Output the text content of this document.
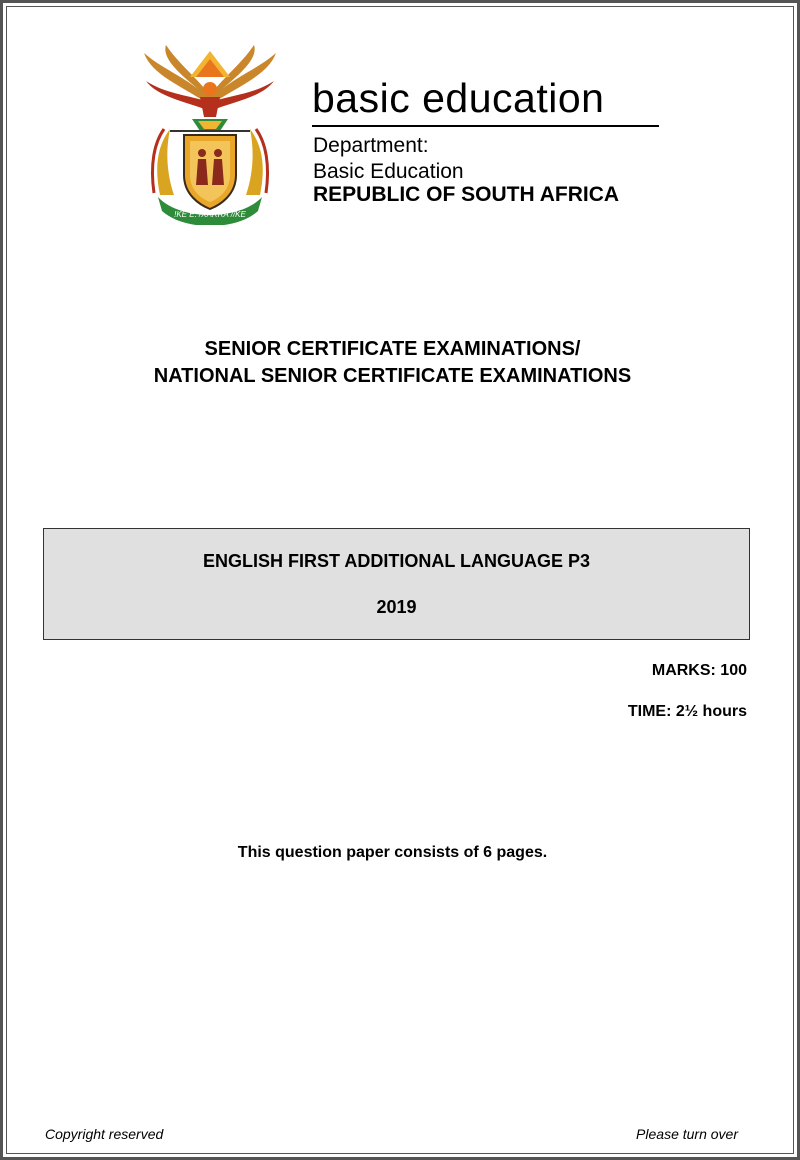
!KE E: /XARRA //KE
basic education
Department:
Basic Education
REPUBLIC OF SOUTH AFRICA
SENIOR CERTIFICATE EXAMINATIONS/
NATIONAL SENIOR CERTIFICATE EXAMINATIONS
ENGLISH FIRST ADDITIONAL LANGUAGE P3
2019
MARKS: 100
TIME: 2½ hours
This question paper consists of 6 pages.
Copyright reserved	Please turn over
